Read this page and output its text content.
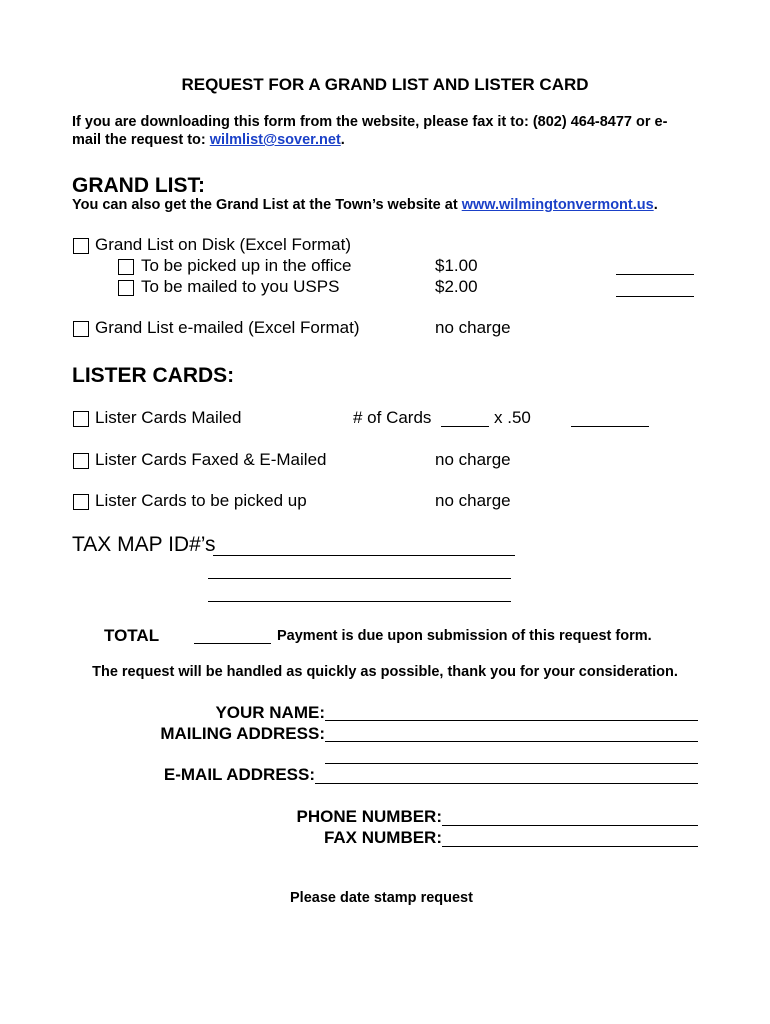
REQUEST FOR A GRAND LIST AND LISTER CARD
If you are downloading this form from the website, please fax it to: (802) 464-8477 or e-
mail the request to: wilmlist@sover.net.
GRAND LIST:
You can also get the Grand List at the Town’s website at www.wilmingtonvermont.us.
Grand List on Disk (Excel Format)
To be picked up in the office	$1.00
To be mailed to you USPS	$2.00
Grand List e-mailed (Excel Format)	no charge
LISTER CARDS:
Lister Cards Mailed	# of Cards	x .50
Lister Cards Faxed & E-Mailed	no charge
Lister Cards to be picked up	no charge
TAX MAP ID#’s
TOTAL	Payment is due upon submission of this request form.
The request will be handled as quickly as possible, thank you for your consideration.
YOUR NAME:
MAILING ADDRESS:
E-MAIL ADDRESS:
PHONE NUMBER:
FAX NUMBER:
Please date stamp request
